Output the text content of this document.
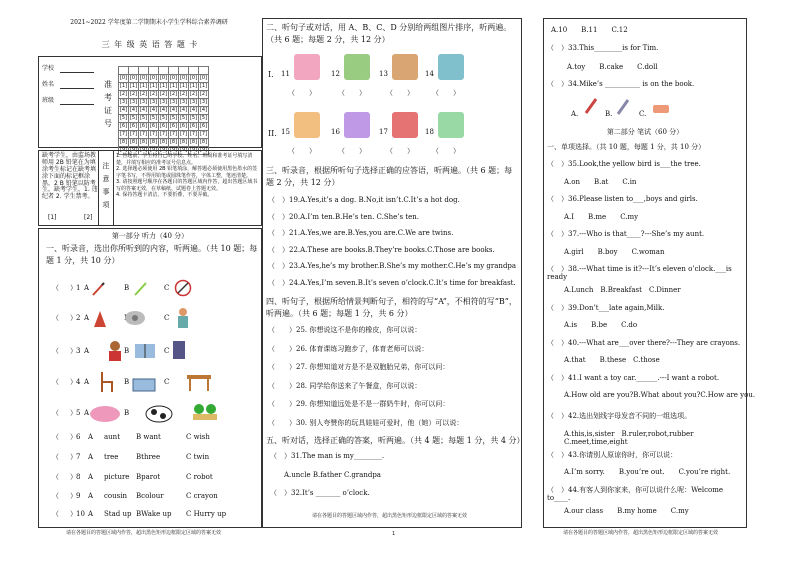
2021~2022 学年度第二学期期末小学生学科综合素养调研
三 年 级 英 语 答 题 卡
学校
姓名
班级
准
考
证
号

[0]	[0]	[0]	[0]	[0]	[0]	[0]	[0]	[0]
[1]	[1]	[1]	[1]	[1]	[1]	[1]	[1]	[1]
[2]	[2]	[2]	[2]	[2]	[2]	[2]	[2]	[2]
[3]	[3]	[3]	[3]	[3]	[3]	[3]	[3]	[3]
[4]	[4]	[4]	[4]	[4]	[4]	[4]	[4]	[4]
[5]	[5]	[5]	[5]	[5]	[5]	[5]	[5]	[5]
[6]	[6]	[6]	[6]	[6]	[6]	[6]	[6]	[6]
[7]	[7]	[7]	[7]	[7]	[7]	[7]	[7]	[7]
[8]	[8]	[8]	[8]	[8]	[8]	[8]	[8]	[8]
[9]	[9]	[9]	[9]	[9]	[9]	[9]	[9]	[9]
缺考学生，由监场教师用 2B 铅笔在为填涂考生标记在缺考填涂下面的标记框涂黑，2 B 铅笔以防考生，缺考学生，1. 违纪者 2. 学生禁考。
[1]	[2]
注
意
事
项
1. 答题前，学生将自己的学校、姓名、班级和准考证号填写清楚，并填写相应的准考证号信息点。
2. 选择题必须使用 2B 铅笔填涂，解答题必须使用黑色墨水的签字笔书写，不得用铅笔或圆珠笔作答，字体工整，笔迹清楚。
3. 请按照题号顺序在各题目的答题区域内作答，超出答题区域书写的答案无效，在草稿纸、试题卷上答题无效。
4. 保持答题卡清洁，不要折叠，不要弄破。
第一部分 听力（40 分）
一、听录音，选出你所听到的内容，听两遍。（共 10 题；每题 1 分，共 10 分）
（ ） 1 A	B	C
（ ） 2 A	C
（ ） 3 A	B	C
（ ） 4 A	B	C
（ ） 5 A	B
（ ） 6 A aunt B want	C wish
（ ） 7 A tree	Bthree	C twin
（ ） 8 A picture Bparot	C robot
（ ） 9 A cousin Bcolour	C crayon
（ ） 10 A Stad up BWake up C Hurry up
二、听句子或对话，用 A、B、C、D 分别给两组图片排序，听两遍。（共 6 题；每题 2 分，共 12 分）
I． 11
（　　）
12
（　　）
13
（　　）
14
（　　）
II．
15
（　　）
16
（　　）
17
（　　）
18
（　　）
三、听录音，根据所听句子选择正确的应答语，听两遍。（共 6 题；每题 2 分，共 12 分）
（　）19.A.Yes,it’s a dog. B.No,it isn’t.C.It’s a hot dog.
（　）20.A.I’m ten.B.He’s ten. C.She’s ten.
（　）21.A.Yes,we are.B.Yes,you are.C.We are twins.
（　）22.A.These are books.B.They’re books.C.Those are books.
（　）23.A.Yes,he’s my brother.B.She’s my mother.C.He’s my grandpa
（　）24.A.Yes,I’m seven.B.It’s seven o’clock.C.It’s time for breakfast.
四、听句子，根据所给情景判断句子，相符的写“A”，不相符的写“B”，听两遍。（共 6 题；每题 1 分，共 6 分）
（　　）25. 你想说这不是你的橡皮，你可以说：
（　　）26. 体育课练习跑步了，体育老师可以说：
（　　）27. 你想知道对方是不是双胞胎兄弟，你可以问：
（　　）28. 同学给你送来了午餐盒，你可以说：
（　　）29. 你想知道远处是不是一群奶牛时，你可以问：
（　　）30. 别人夸赞你的玩具娃娃可爱时，他（她）可以说：
五、听对话，选择正确的答案，听两遍。（共 4 题；每题 1 分，共 4 分）
（　）31.The man is my________.
A.uncle B.father C.grandpa
（　）32.It’s _______ o’clock.
A.10　　B.11　　C.12
（　）33.This________is for Tim.
A.toy　　B.cake　　C.doll
（　）34.Mike’s __________ is on the book.
A.	B.	C.
第二部分 笔试（60 分）
一、单项选择。（共 10 题，每题 1 分，共 10 分）
（　）35.Look,the yellow bird is___the tree.
A.on　　B.at　　C.in
（　）36.Please listen to___,boys and girls.
A.I　　B.me　　C.my
（　）37.---Who is that____?---She’s my aunt.
A.girl　　B.boy　　C.woman
（　）38.---What time is it?---It’s eleven o’clock.___is ready
A.Lunch　B.Breakfast　C.Dinner
（　）39.Don’t___late again,Milk.
A.is　　B.be　　C.do
（　）40.---What are___over there?---They are crayons.
A.that　　B.these　C.those
（　）41.I want a toy car.______.---I want a robot.
A.How old are you?B.What about you?C.How are you.
（　）42.选出划线字母发音不同的一组选项。
A.this,is,sister　B.ruler,robot,rubber　C.meet,time,eight
（　）43.你请别人原谅你时，你可以说：
A.I’m sorry.　　B.you’re out.　　C.you’re right.
（　）44.有客人到你家来，你可以说什么呢：Welcome to____.
A.our class　　B.my home　　C.my
请在各题目的答题区域内作答，超出黑色矩形边框限定区域的答案无效
请在各题目的答题区域内作答，超出黑色矩形边框限定区域的答案无效
1	请在各题目的答题区域内作答，超出黑色矩形边框限定区域的答案无效
